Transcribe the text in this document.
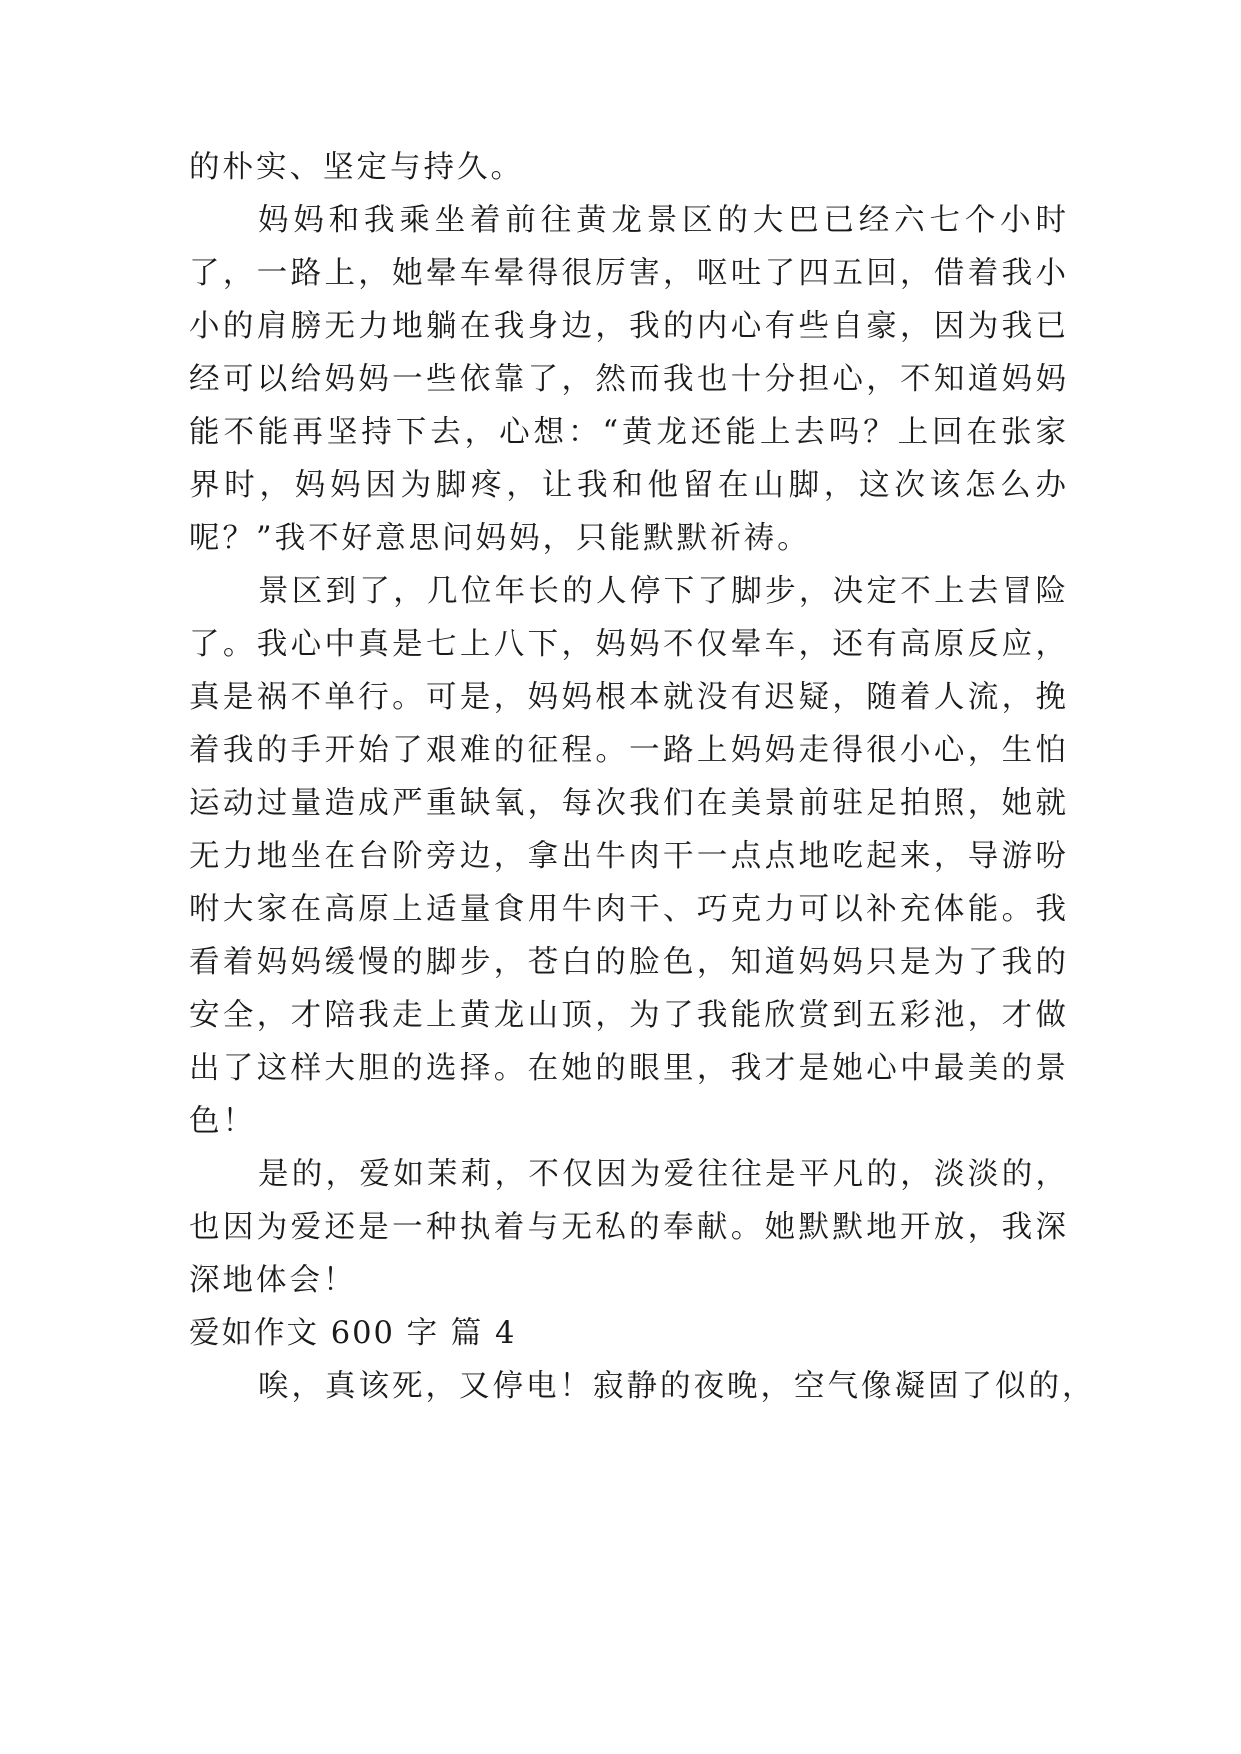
的朴实、坚定与持久。
妈妈和我乘坐着前往黄龙景区的大巴已经六七个小时
了，一路上，她晕车晕得很厉害，呕吐了四五回，借着我小
小的肩膀无力地躺在我身边，我的内心有些自豪，因为我已
经可以给妈妈一些依靠了，然而我也十分担心，不知道妈妈
能不能再坚持下去，心想：“黄龙还能上去吗？上回在张家
界时，妈妈因为脚疼，让我和他留在山脚，这次该怎么办
呢？”我不好意思问妈妈，只能默默祈祷。
景区到了，几位年长的人停下了脚步，决定不上去冒险
了。我心中真是七上八下，妈妈不仅晕车，还有高原反应，
真是祸不单行。可是，妈妈根本就没有迟疑，随着人流，挽
着我的手开始了艰难的征程。一路上妈妈走得很小心，生怕
运动过量造成严重缺氧，每次我们在美景前驻足拍照，她就
无力地坐在台阶旁边，拿出牛肉干一点点地吃起来，导游吩
咐大家在高原上适量食用牛肉干、巧克力可以补充体能。我
看着妈妈缓慢的脚步，苍白的脸色，知道妈妈只是为了我的
安全，才陪我走上黄龙山顶，为了我能欣赏到五彩池，才做
出了这样大胆的选择。在她的眼里，我才是她心中最美的景
色！
是的，爱如茉莉，不仅因为爱往往是平凡的，淡淡的，
也因为爱还是一种执着与无私的奉献。她默默地开放，我深
深地体会！
爱如作文 600 字 篇 4
唉，真该死，又停电！寂静的夜晚，空气像凝固了似的，
